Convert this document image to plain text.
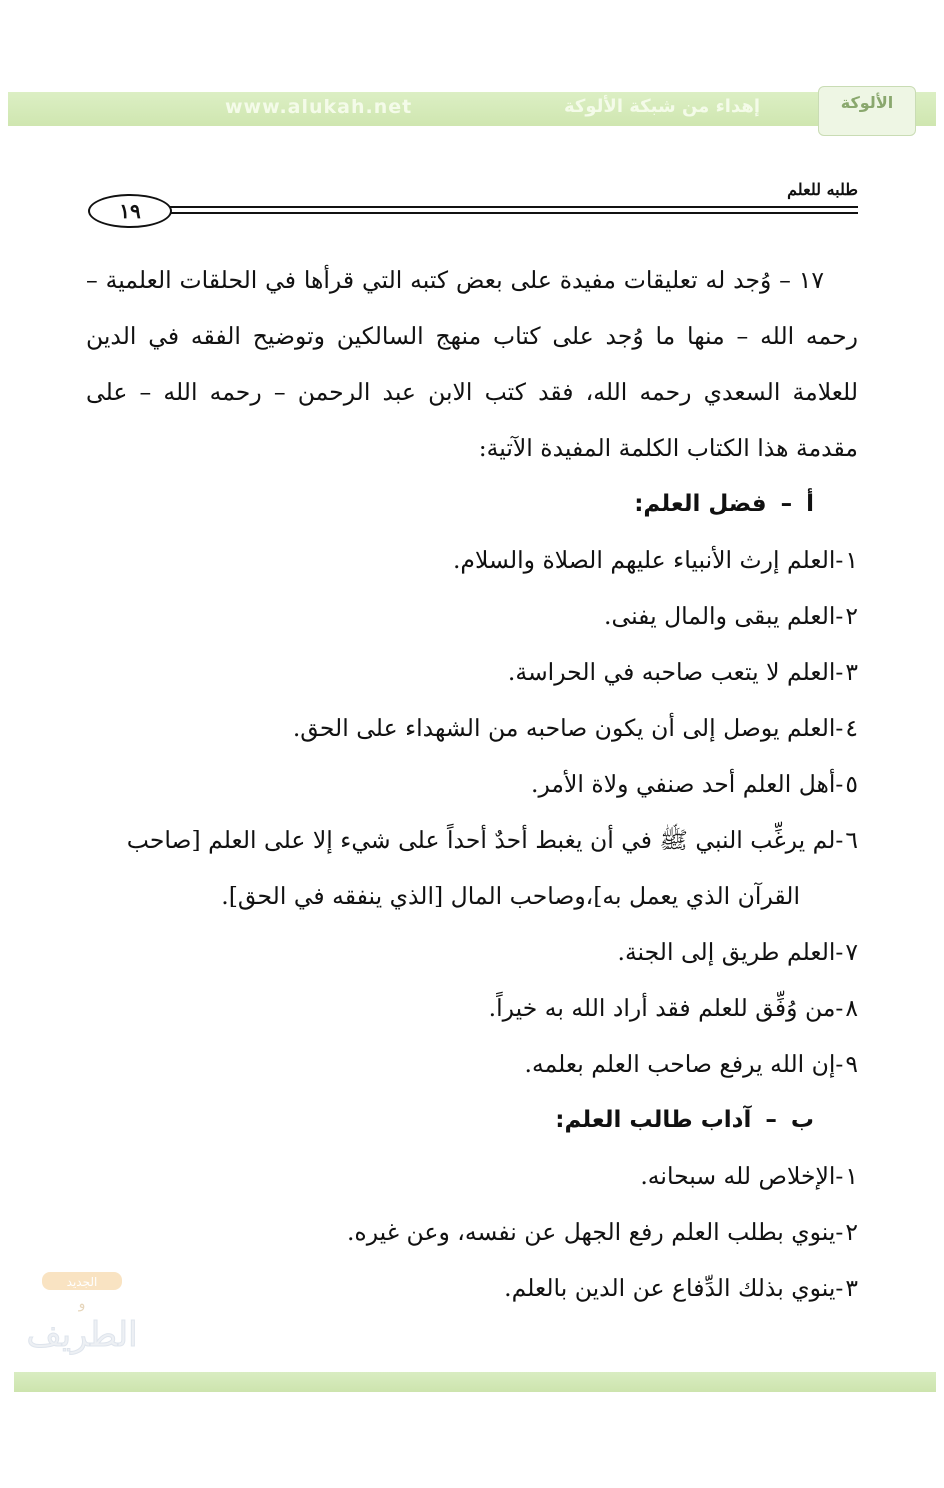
www.alukah.net	إهداء من شبكة الألوكة	الألوكة
طلبه للعلم
١٩

١٧ – وُجد له تعليقات مفيدة على بعض كتبه التي قرأها في الحلقات العلمية – رحمه الله – منها ما وُجد على كتاب منهج السالكين وتوضيح الفقه في الدين للعلامة السعدي رحمه الله، فقد كتب الابن عبد الرحمن – رحمه الله – على مقدمة هذا الكتاب الكلمة المفيدة الآتية:

أ–فضل العلم:

١-العلم إرث الأنبياء عليهم الصلاة والسلام.

٢-العلم يبقى والمال يفنى.

٣-العلم لا يتعب صاحبه في الحراسة.

٤-العلم يوصل إلى أن يكون صاحبه من الشهداء على الحق.

٥-أهل العلم أحد صنفي ولاة الأمر.

٦-لم يرغِّب النبي ﷺ في أن يغبط أحدٌ أحداً على شيء إلا على العلم [صاحب

القرآن الذي يعمل به]،وصاحب المال [الذي ينفقه في الحق].

٧-العلم طريق إلى الجنة.

٨-من وُفِّق للعلم فقد أراد الله به خيراً.

٩-إن الله يرفع صاحب العلم بعلمه.

ب–آداب طالب العلم:

١-الإخلاص لله سبحانه.

٢-ينوي بطلب العلم رفع الجهل عن نفسه، وعن غيره.

٣-ينوي بذلك الدِّفاع عن الدين بالعلم.

الجديد
و
الطريف
